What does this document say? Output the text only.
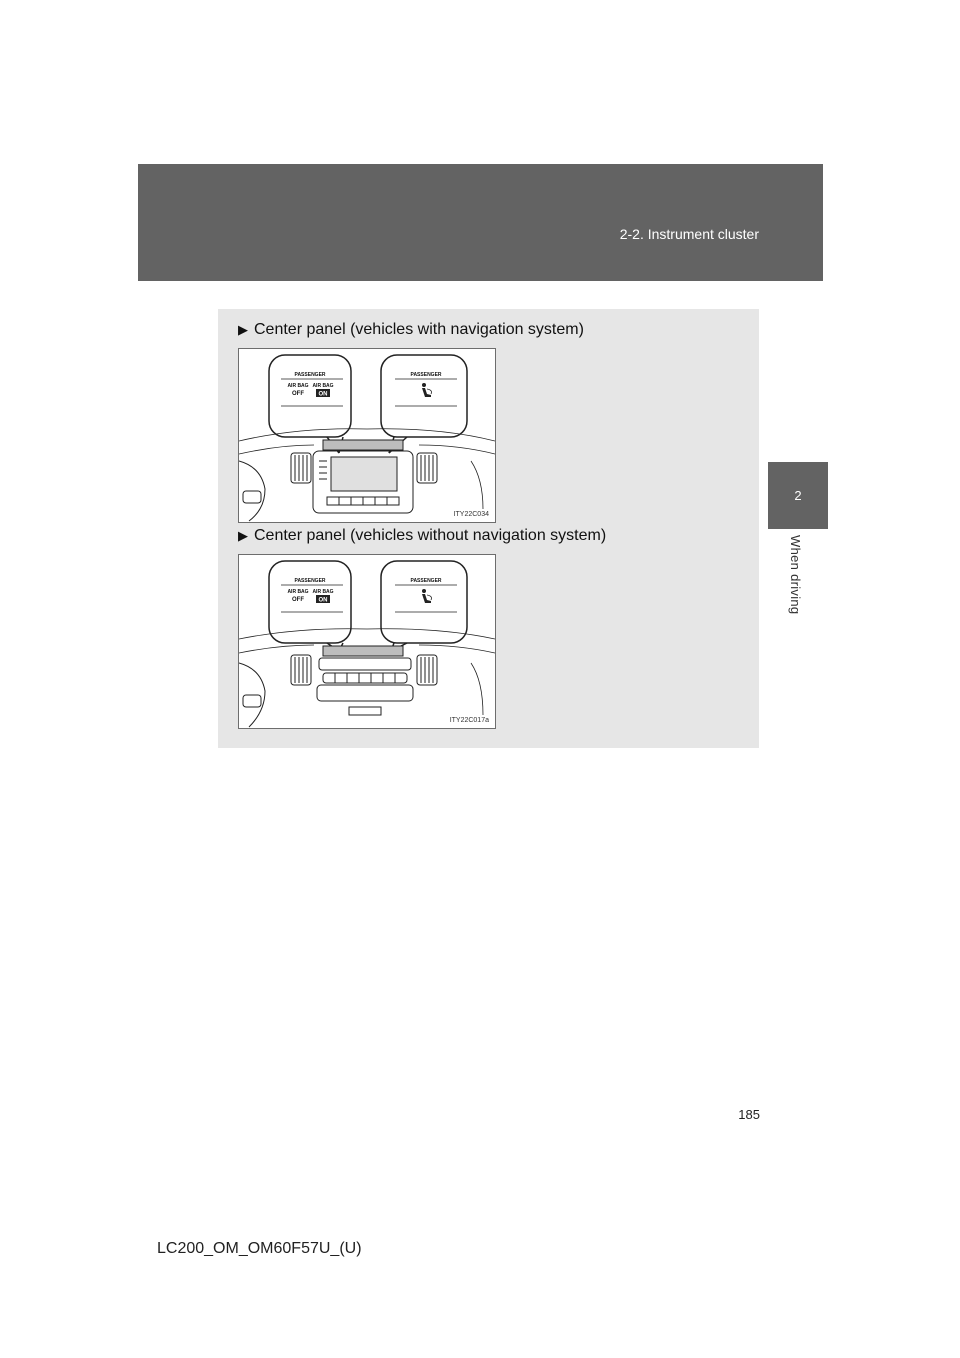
2-2. Instrument cluster
2
When driving
▶ Center panel (vehicles with navigation system)
PASSENGER
AIR BAG AIR BAG
OFF ON
PASSENGER
ITY22C034
▶ Center panel (vehicles without navigation system)
PASSENGER
AIR BAG AIR BAG
OFF ON
PASSENGER
ITY22C017a
185
LC200_OM_OM60F57U_(U)
